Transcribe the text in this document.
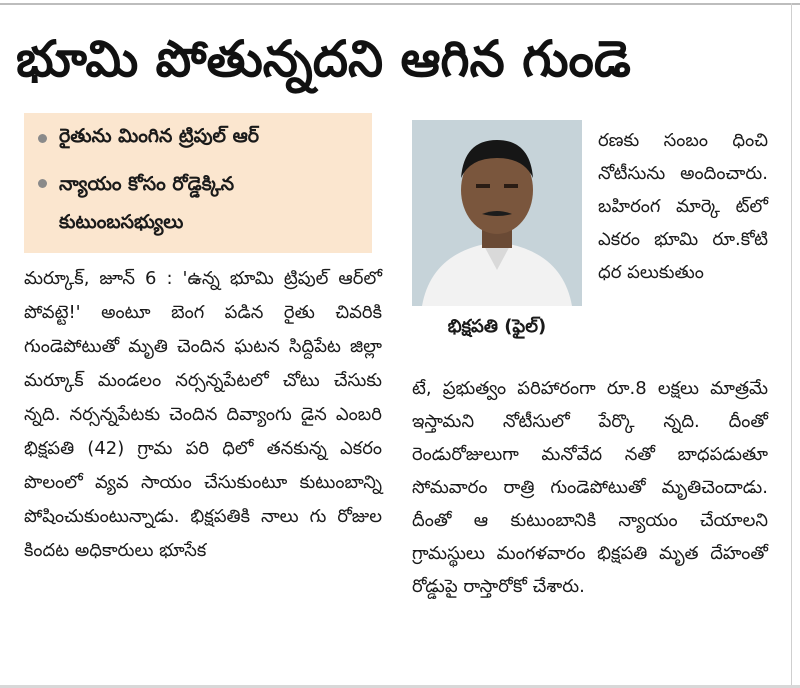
భూమి పోతున్నదని ఆగిన గుండె
రైతును మింగిన ట్రిపుల్ ఆర్
న్యాయం కోసం రోడ్డెక్కిన కుటుంబసభ్యులు

మర్కూక్, జూన్ 6 : 'ఉన్న భూమి ట్రిపుల్ ఆర్‌లో పోవట్టె!' అంటూ బెంగ పడిన రైతు చివరికి గుండెపోటుతో మృతి చెందిన ఘటన సిద్దిపేట జిల్లా మర్కూక్ మండలం నర్సన్నపేటలో చోటు చేసుకు న్నది. నర్సన్నపేటకు చెందిన దివ్యాంగు డైన ఎంబరి భిక్షపతి (42) గ్రామ పరి ధిలో తనకున్న ఎకరం పొలంలో వ్యవ సాయం చేసుకుంటూ కుటుంబాన్ని పోషించుకుంటున్నాడు. భిక్షపతికి నాలు గు రోజుల కిందట అధికారులు భూసేక

భిక్షపతి (ఫైల్)

రణకు సంబం ధించి నోటీసును అందించారు. బహిరంగ మార్కె ట్‌లో ఎకరం భూమి రూ.కోటి ధర పలుకుతుం

టే, ప్రభుత్వం పరిహారంగా రూ.8 లక్షలు మాత్రమే ఇస్తామని నోటీసులో పేర్కొ న్నది. దీంతో రెండురోజులుగా మనోవేద నతో బాధపడుతూ సోమవారం రాత్రి గుండెపోటుతో మృతిచెందాడు. దీంతో ఆ కుటుంబానికి న్యాయం చేయాలని గ్రామస్థులు మంగళవారం భిక్షపతి మృత దేహంతో రోడ్డుపై రాస్తారోకో చేశారు.
